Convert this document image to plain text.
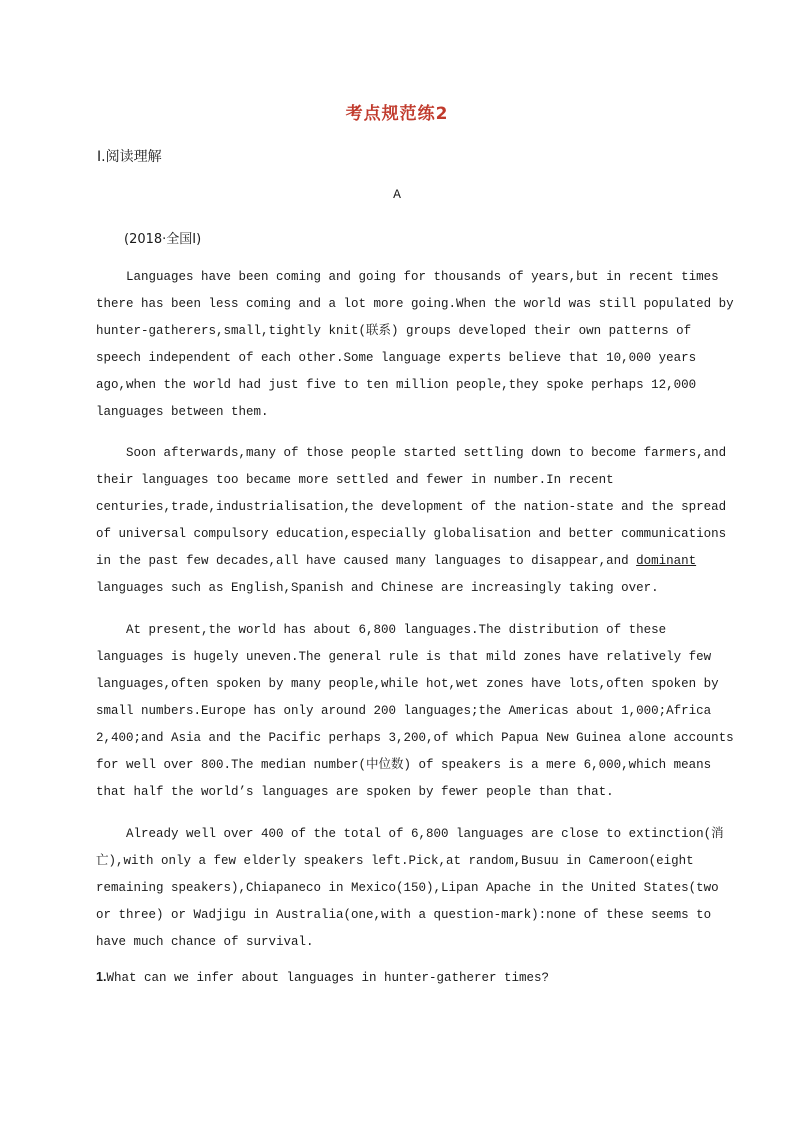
考点规范练2
Ⅰ.阅读理解
A
(2018·全国Ⅰ)
Languages have been coming and going for thousands of years,but in recent times
there has been less coming and a lot more going.When the world was still populated by
hunter-gatherers,small,tightly knit(联系) groups developed their own patterns of
speech independent of each other.Some language experts believe that 10,000 years
ago,when the world had just five to ten million people,they spoke perhaps 12,000
languages between them.
Soon afterwards,many of those people started settling down to become farmers,and
their languages too became more settled and fewer in number.In recent
centuries,trade,industrialisation,the development of the nation-state and the spread
of universal compulsory education,especially globalisation and better communications
in the past few decades,all have caused many languages to disappear,and dominant
languages such as English,Spanish and Chinese are increasingly taking over.
At present,the world has about 6,800 languages.The distribution of these
languages is hugely uneven.The general rule is that mild zones have relatively few
languages,often spoken by many people,while hot,wet zones have lots,often spoken by
small numbers.Europe has only around 200 languages;the Americas about 1,000;Africa
2,400;and Asia and the Pacific perhaps 3,200,of which Papua New Guinea alone accounts
for well over 800.The median number(中位数) of speakers is a mere 6,000,which means
that half the world’s languages are spoken by fewer people than that.
Already well over 400 of the total of 6,800 languages are close to extinction(消
亡),with only a few elderly speakers left.Pick,at random,Busuu in Cameroon(eight
remaining speakers),Chiapaneco in Mexico(150),Lipan Apache in the United States(two
or three) or Wadjigu in Australia(one,with a question-mark):none of these seems to
have much chance of survival.
1.What can we infer about languages in hunter-gatherer times?
